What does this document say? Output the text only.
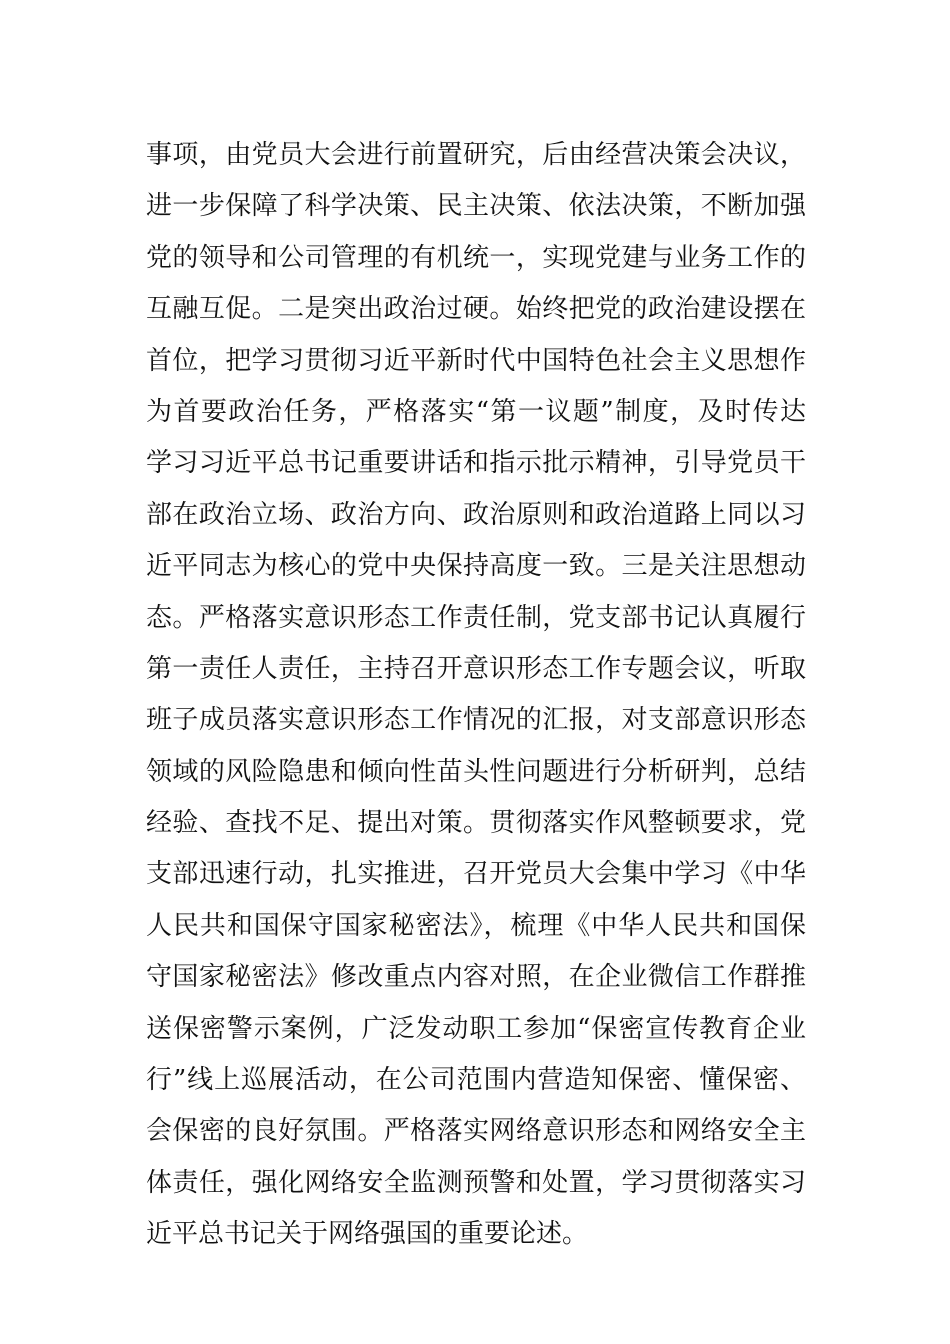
事项，由党员大会进行前置研究，后由经营决策会决议，
进一步保障了科学决策、民主决策、依法决策，不断加强
党的领导和公司管理的有机统一，实现党建与业务工作的
互融互促。二是突出政治过硬。始终把党的政治建设摆在
首位，把学习贯彻习近平新时代中国特色社会主义思想作
为首要政治任务，严格落实“第一议题”制度，及时传达
学习习近平总书记重要讲话和指示批示精神，引导党员干
部在政治立场、政治方向、政治原则和政治道路上同以习
近平同志为核心的党中央保持高度一致。三是关注思想动
态。严格落实意识形态工作责任制，党支部书记认真履行
第一责任人责任，主持召开意识形态工作专题会议，听取
班子成员落实意识形态工作情况的汇报，对支部意识形态
领域的风险隐患和倾向性苗头性问题进行分析研判，总结
经验、查找不足、提出对策。贯彻落实作风整顿要求，党
支部迅速行动，扎实推进，召开党员大会集中学习《中华
人民共和国保守国家秘密法》，梳理《中华人民共和国保
守国家秘密法》修改重点内容对照，在企业微信工作群推
送保密警示案例，广泛发动职工参加“保密宣传教育企业
行”线上巡展活动，在公司范围内营造知保密、懂保密、
会保密的良好氛围。严格落实网络意识形态和网络安全主
体责任，强化网络安全监测预警和处置，学习贯彻落实习
近平总书记关于网络强国的重要论述。
